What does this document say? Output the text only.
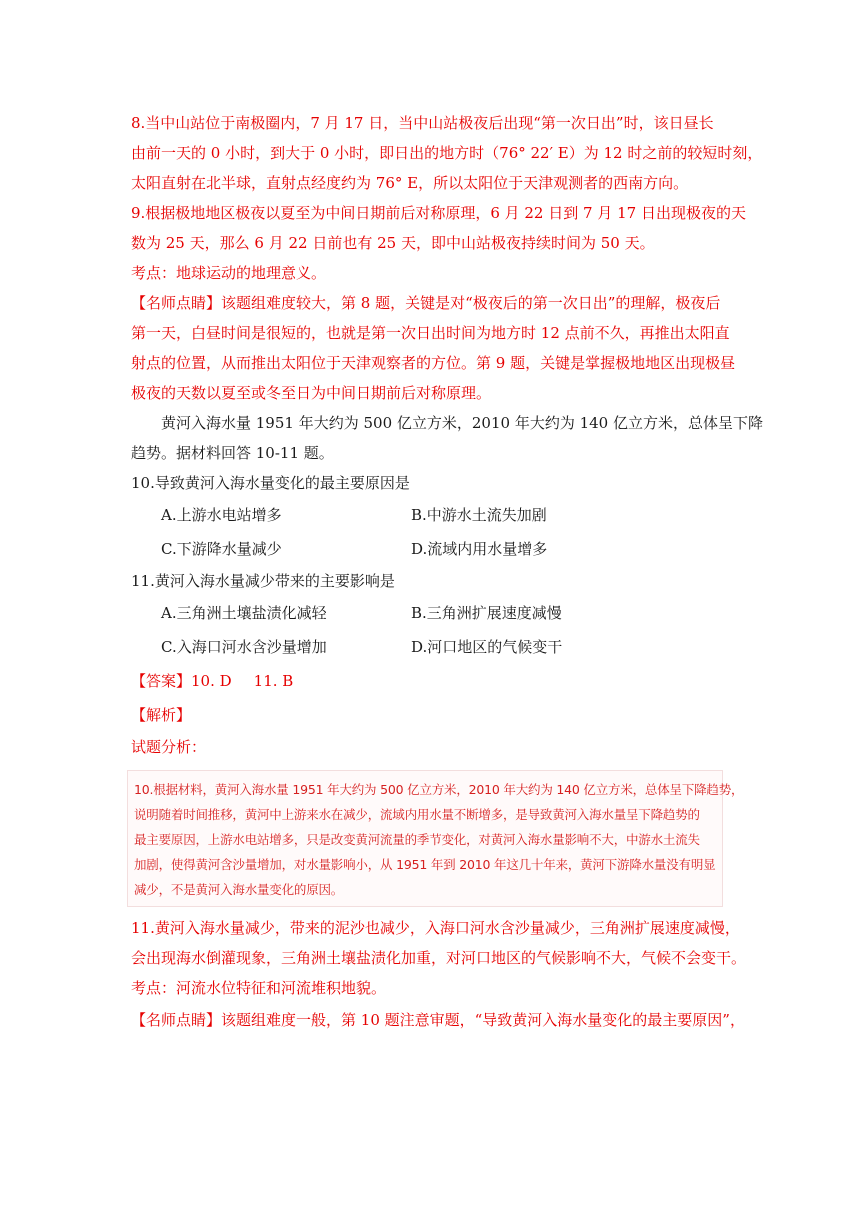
8.当中山站位于南极圈内，7 月 17 日，当中山站极夜后出现“第一次日出”时，该日昼长

由前一天的 0 小时，到大于 0 小时，即日出的地方时（76° 22′ E）为 12 时之前的较短时刻，

太阳直射在北半球，直射点经度约为 76° E，所以太阳位于天津观测者的西南方向。

9.根据极地地区极夜以夏至为中间日期前后对称原理，6 月 22 日到 7 月 17 日出现极夜的天

数为 25 天，那么 6 月 22 日前也有 25 天，即中山站极夜持续时间为 50 天。

考点：地球运动的地理意义。

【名师点睛】该题组难度较大，第 8 题，关键是对“极夜后的第一次日出”的理解，极夜后

第一天，白昼时间是很短的，也就是第一次日出时间为地方时 12 点前不久，再推出太阳直

射点的位置，从而推出太阳位于天津观察者的方位。第 9 题，关键是掌握极地地区出现极昼

极夜的天数以夏至或冬至日为中间日期前后对称原理。

黄河入海水量 1951 年大约为 500 亿立方米，2010 年大约为 140 亿立方米，总体呈下降

趋势。据材料回答 10-11 题。

10.导致黄河入海水量变化的最主要原因是

A.上游水电站增多	B.中游水土流失加剧
C.下游降水量减少	D.流域内用水量增多

11.黄河入海水量减少带来的主要影响是

A.三角洲土壤盐渍化减轻	B.三角洲扩展速度减慢
C.入海口河水含沙量增加	D.河口地区的气候变干

【答案】10. D 11. B

【解析】

试题分析：

10.根据材料，黄河入海水量 1951 年大约为 500 亿立方米，2010 年大约为 140 亿立方米，总体呈下降趋势，

说明随着时间推移，黄河中上游来水在减少，流域内用水量不断增多，是导致黄河入海水量呈下降趋势的

最主要原因，上游水电站增多，只是改变黄河流量的季节变化，对黄河入海水量影响不大，中游水土流失

加剧，使得黄河含沙量增加，对水量影响小，从 1951 年到 2010 年这几十年来，黄河下游降水量没有明显

减少，不是黄河入海水量变化的原因。

11.黄河入海水量减少，带来的泥沙也减少，入海口河水含沙量减少，三角洲扩展速度减慢，

会出现海水倒灌现象，三角洲土壤盐渍化加重，对河口地区的气候影响不大，气候不会变干。

考点：河流水位特征和河流堆积地貌。

【名师点睛】该题组难度一般，第 10 题注意审题，“导致黄河入海水量变化的最主要原因”，
